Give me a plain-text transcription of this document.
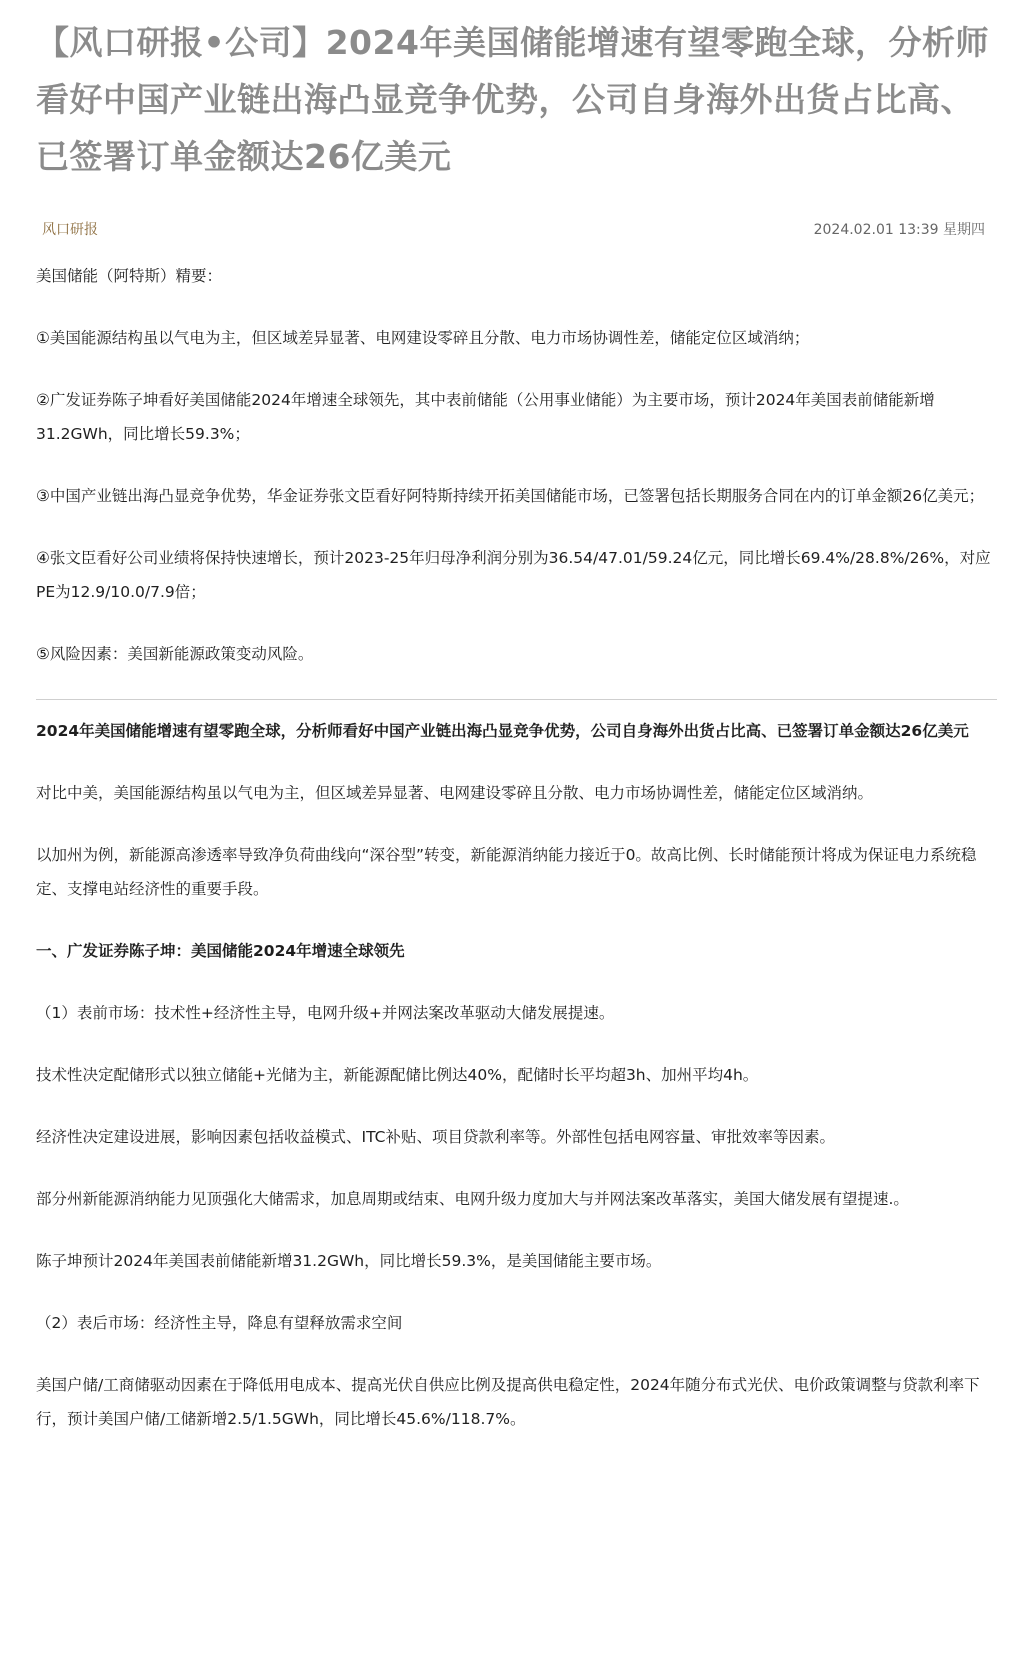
【风口研报•公司】2024年美国储能增速有望零跑全球，分析师看好中国产业链出海凸显竞争优势，公司自身海外出货占比高、已签署订单金额达26亿美元
风口研报	2024.02.01 13:39 星期四

美国储能（阿特斯）精要：

①美国能源结构虽以气电为主，但区域差异显著、电网建设零碎且分散、电力市场协调性差，储能定位区域消纳；

②广发证券陈子坤看好美国储能2024年增速全球领先，其中表前储能（公用事业储能）为主要市场，预计2024年美国表前储能新增31.2GWh，同比增长59.3%；

③中国产业链出海凸显竞争优势，华金证券张文臣看好阿特斯持续开拓美国储能市场，已签署包括长期服务合同在内的订单金额26亿美元；

④张文臣看好公司业绩将保持快速增长，预计2023-25年归母净利润分别为36.54/47.01/59.24亿元，同比增长69.4%/28.8%/26%，对应PE为12.9/10.0/7.9倍；

⑤风险因素：美国新能源政策变动风险。

2024年美国储能增速有望零跑全球，分析师看好中国产业链出海凸显竞争优势，公司自身海外出货占比高、已签署订单金额达26亿美元

对比中美，美国能源结构虽以气电为主，但区域差异显著、电网建设零碎且分散、电力市场协调性差，储能定位区域消纳。

以加州为例，新能源高渗透率导致净负荷曲线向“深谷型”转变，新能源消纳能力接近于0。故高比例、长时储能预计将成为保证电力系统稳定、支撑电站经济性的重要手段。

一、广发证券陈子坤：美国储能2024年增速全球领先

（1）表前市场：技术性+经济性主导，电网升级+并网法案改革驱动大储发展提速。

技术性决定配储形式以独立储能+光储为主，新能源配储比例达40%，配储时长平均超3h、加州平均4h。

经济性决定建设进展，影响因素包括收益模式、ITC补贴、项目贷款利率等。外部性包括电网容量、审批效率等因素。

部分州新能源消纳能力见顶强化大储需求，加息周期或结束、电网升级力度加大与并网法案改革落实，美国大储发展有望提速.。

陈子坤预计2024年美国表前储能新增31.2GWh，同比增长59.3%，是美国储能主要市场。

（2）表后市场：经济性主导，降息有望释放需求空间

美国户储/工商储驱动因素在于降低用电成本、提高光伏自供应比例及提高供电稳定性，2024年随分布式光伏、电价政策调整与贷款利率下行，预计美国户储/工储新增2.5/1.5GWh，同比增长45.6%/118.7%。
